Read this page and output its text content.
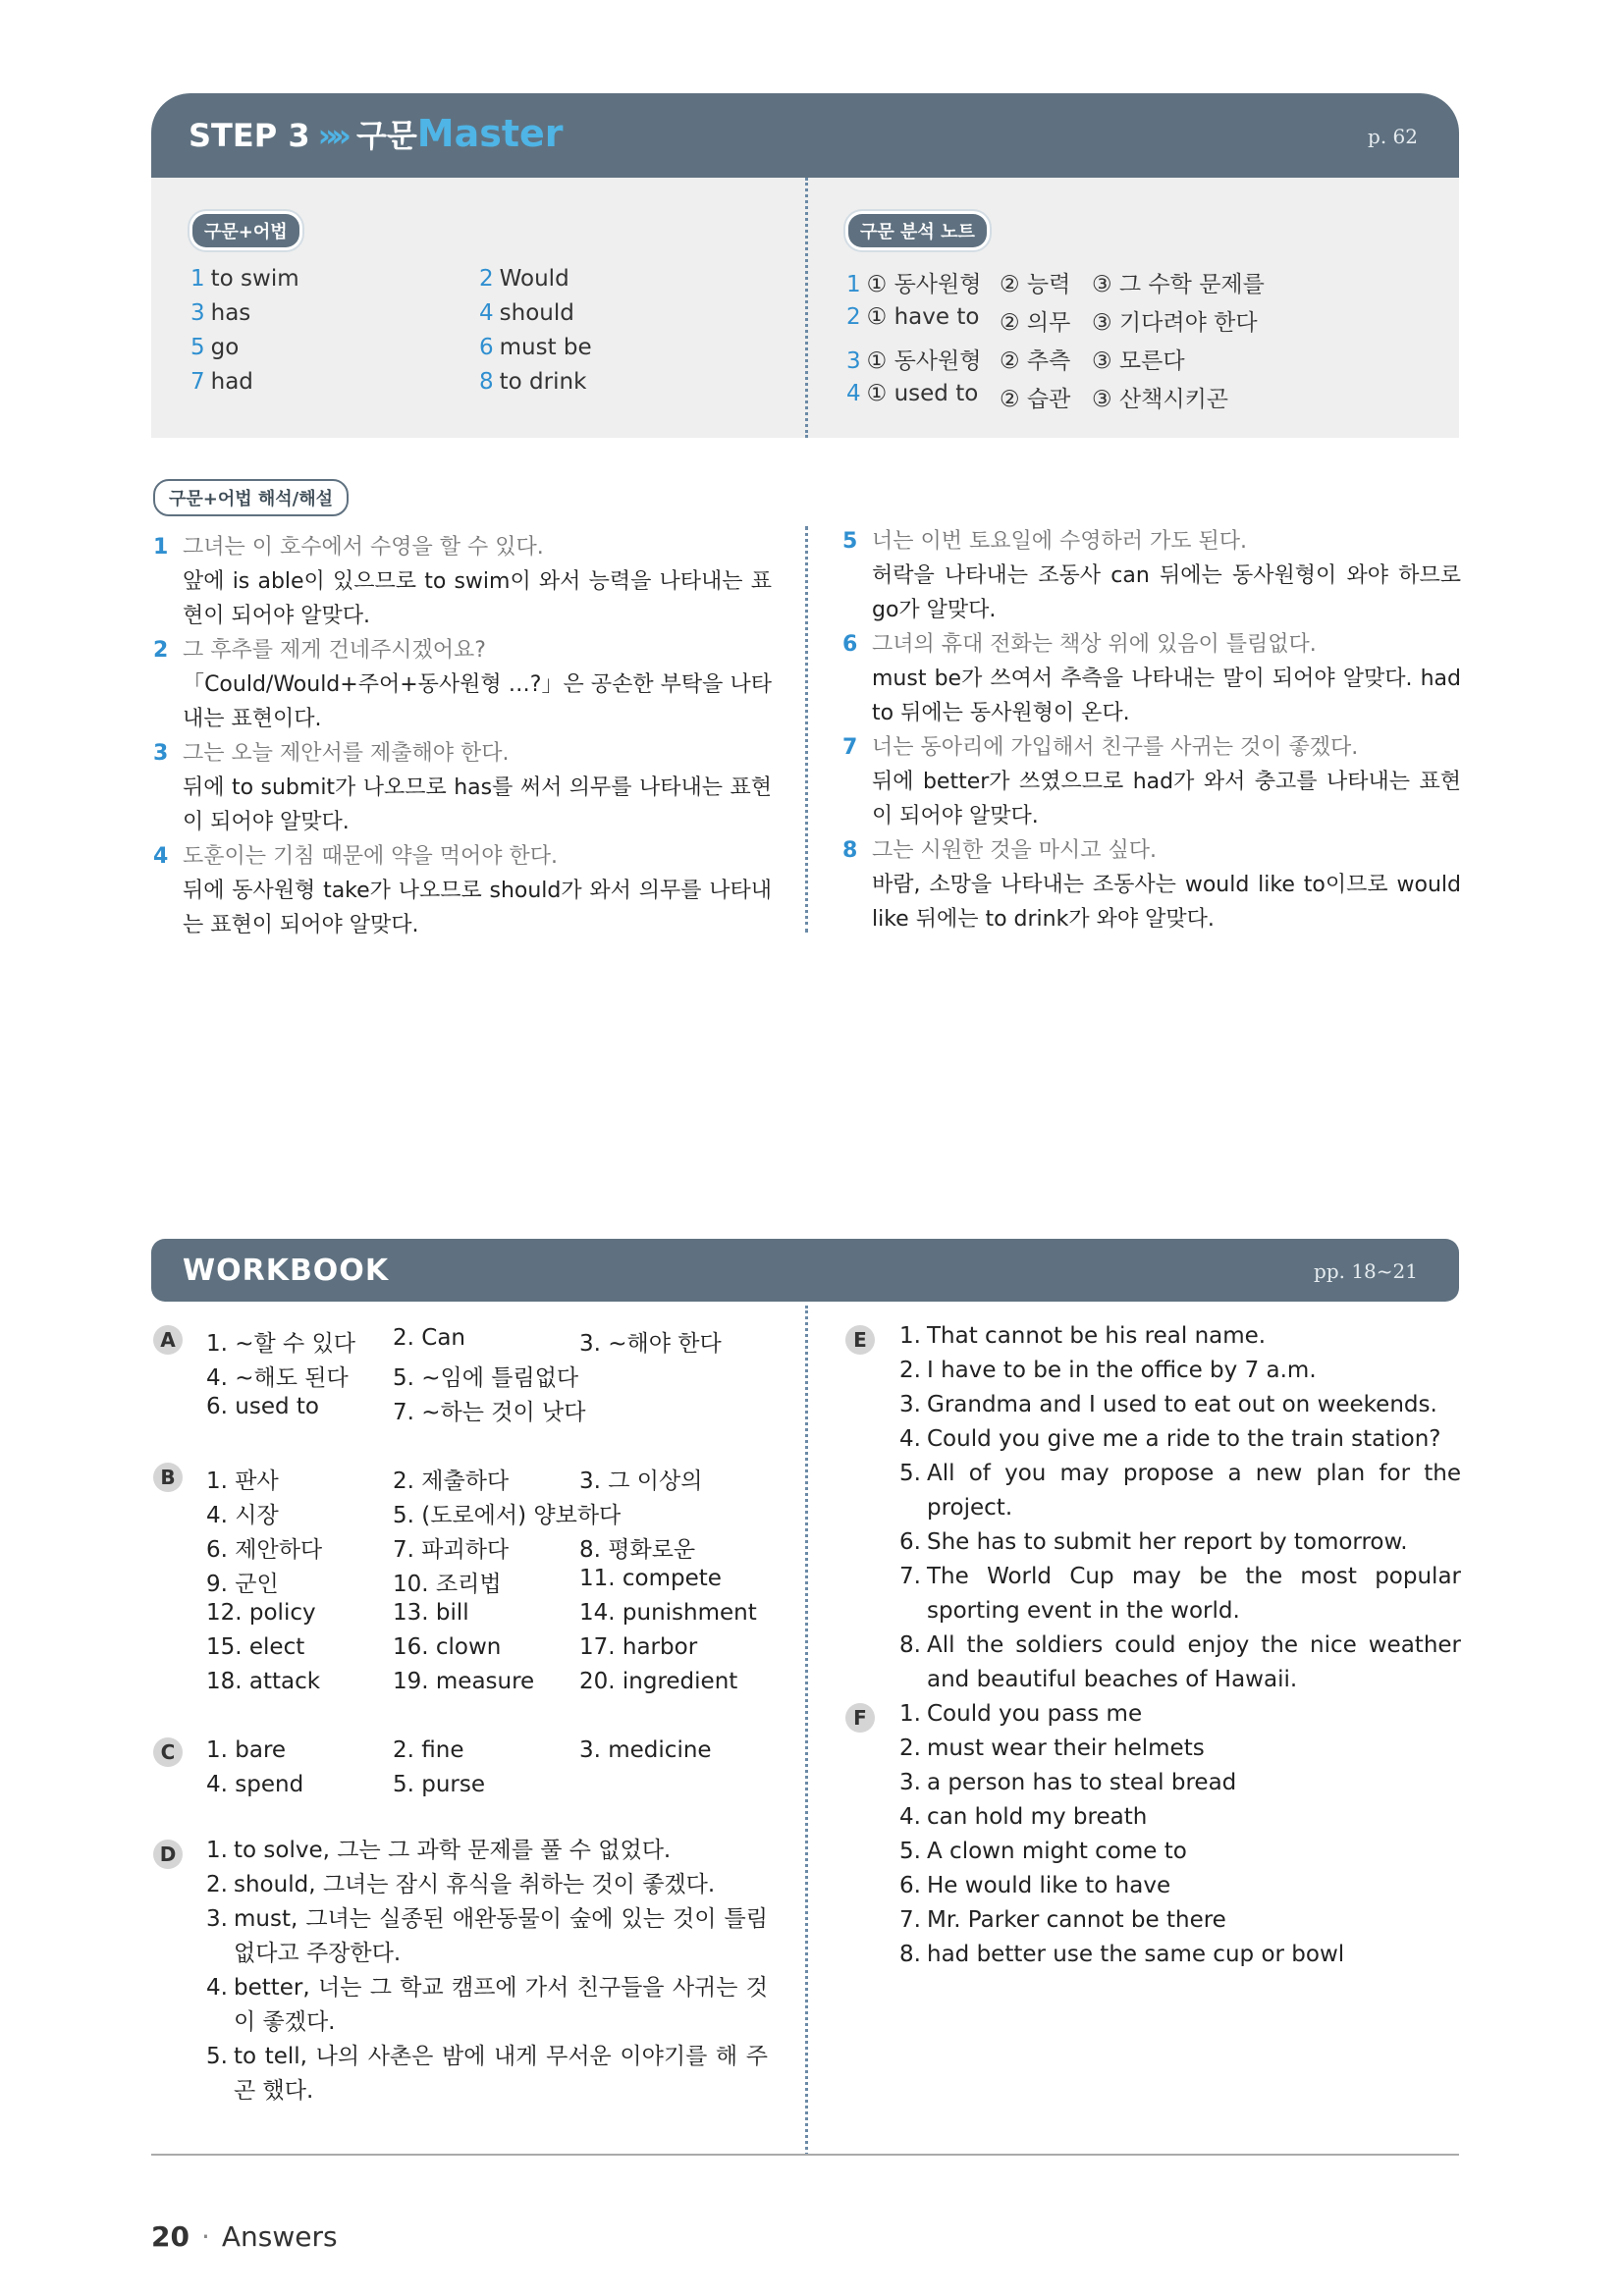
STEP 3 »» 구문Master	p. 62
구문+어법	구문 분석 노트
1 to swim	2 Would
3 has	4 should
5 go	6 must be
7 had	8 to drink
1 ① 동사원형 ② 능력 ③ 그 수학 문제를
2 ① have to ② 의무 ③ 기다려야 한다
3 ① 동사원형 ② 추측 ③ 모른다
4 ① used to ② 습관 ③ 산책시키곤
구문+어법 해석/해설
1 그녀는 이 호수에서 수영을 할 수 있다.
앞에 is able이 있으므로 to swim이 와서 능력을 나타내는 표현이 되어야 알맞다.
2 그 후추를 제게 건네주시겠어요?
「Could/Would+주어+동사원형 …?」은 공손한 부탁을 나타내는 표현이다.
3 그는 오늘 제안서를 제출해야 한다.
뒤에 to submit가 나오므로 has를 써서 의무를 나타내는 표현이 되어야 알맞다.
4 도훈이는 기침 때문에 약을 먹어야 한다.
뒤에 동사원형 take가 나오므로 should가 와서 의무를 나타내는 표현이 되어야 알맞다.
5 너는 이번 토요일에 수영하러 가도 된다.
허락을 나타내는 조동사 can 뒤에는 동사원형이 와야 하므로 go가 알맞다.
6 그녀의 휴대 전화는 책상 위에 있음이 틀림없다.
must be가 쓰여서 추측을 나타내는 말이 되어야 알맞다. had to 뒤에는 동사원형이 온다.
7 너는 동아리에 가입해서 친구를 사귀는 것이 좋겠다.
뒤에 better가 쓰였으므로 had가 와서 충고를 나타내는 표현이 되어야 알맞다.
8 그는 시원한 것을 마시고 싶다.
바람, 소망을 나타내는 조동사는 would like to이므로 would like 뒤에는 to drink가 와야 알맞다.
WORKBOOK	pp. 18~21
A	1. ~할 수 있다 2. Can	3. ~해야 한다
4. ~해도 된다 5. ~임에 틀림없다
6. used to	7. ~하는 것이 낫다
B	1. 판사	2. 제출하다	3. 그 이상의
4. 시장	5. (도로에서) 양보하다
6. 제안하다	7. 파괴하다	8. 평화로운
9. 군인	10. 조리법	11. compete
12. policy	13. bill	14. punishment
15. elect	16. clown	17. harbor
18. attack	19. measure 20. ingredient
C	1. bare	2. fine	3. medicine
4. spend	5. purse
D 1. to solve, 그는 그 과학 문제를 풀 수 없었다.
2. should, 그녀는 잠시 휴식을 취하는 것이 좋겠다.
3. must, 그녀는 실종된 애완동물이 숲에 있는 것이 틀림없다고 주장한다.
4. better, 너는 그 학교 캠프에 가서 친구들을 사귀는 것이 좋겠다.
5. to tell, 나의 사촌은 밤에 내게 무서운 이야기를 해 주곤 했다.
E	1. That cannot be his real name.
2. I have to be in the office by 7 a.m.
3. Grandma and I used to eat out on weekends.
4. Could you give me a ride to the train station?
5. All of you may propose a new plan for the project.
6. She has to submit her report by tomorrow.
7. The World Cup may be the most popular sporting event in the world.
8. All the soldiers could enjoy the nice weather and beautiful beaches of Hawaii.
F	1. Could you pass me
2. must wear their helmets
3. a person has to steal bread
4. can hold my breath
5. A clown might come to
6. He would like to have
7. Mr. Parker cannot be there
8. had better use the same cup or bowl
20 · Answers
